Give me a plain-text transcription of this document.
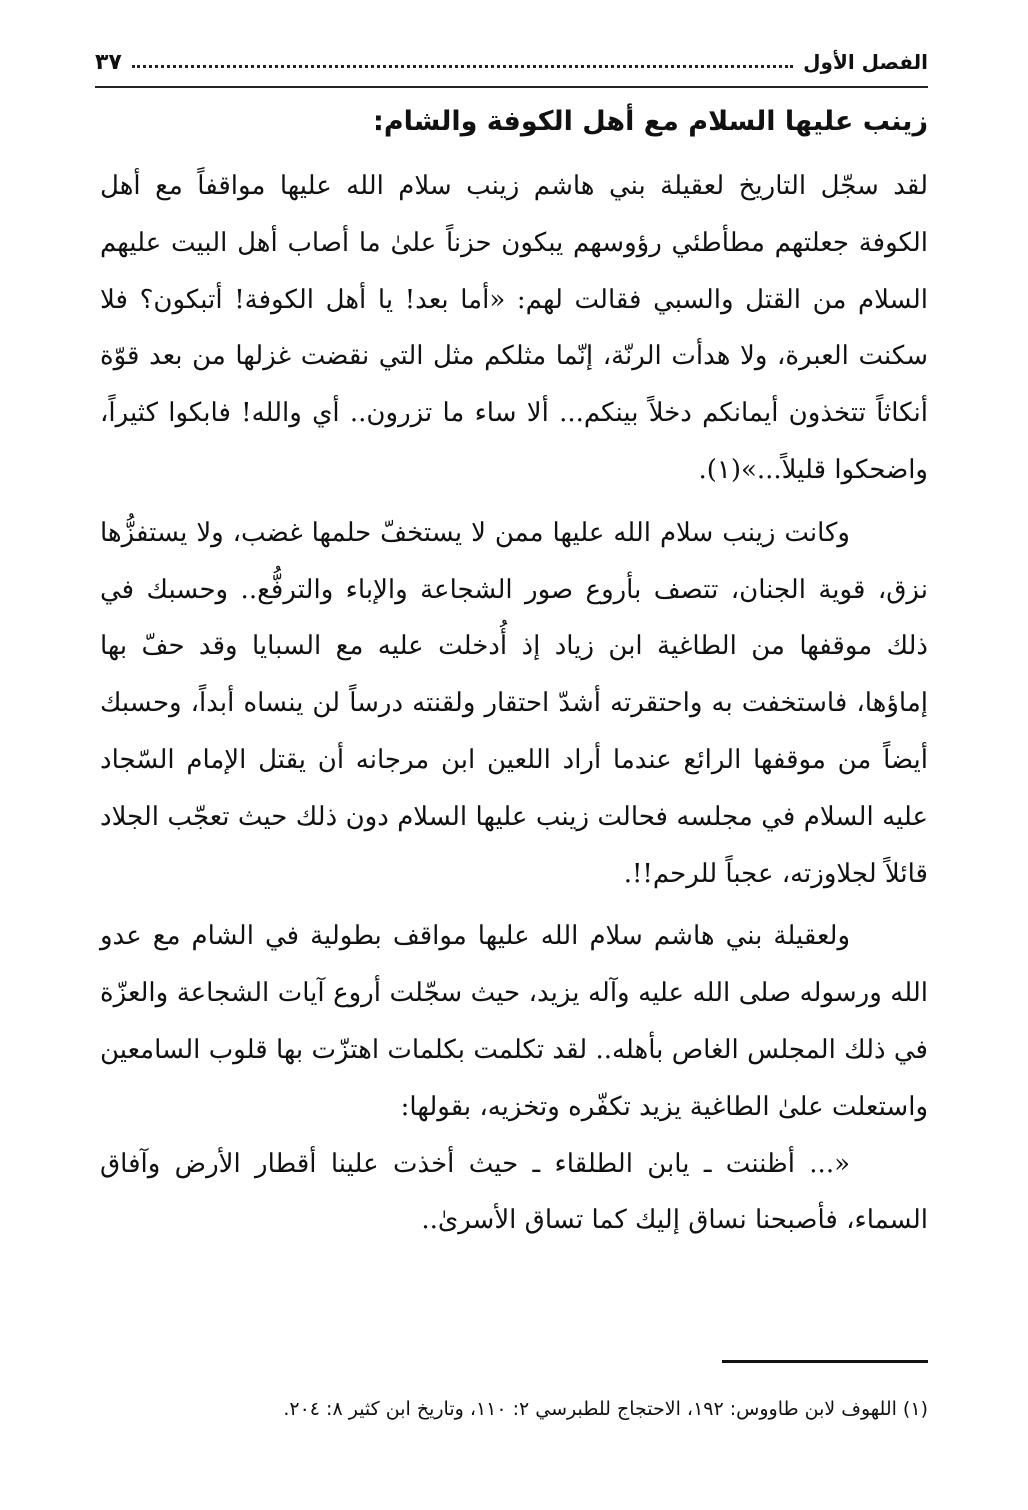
الفصل الأول
٣٧
زينب عليها السلام مع أهل الكوفة والشام:

لقد سجّل التاريخ لعقيلة بني هاشم زينب سلام الله عليها مواقفاً مع أهل الكوفة جعلتهم مطأطئي رؤوسهم يبكون حزناً علىٰ ما أصاب أهل البيت عليهم السلام من القتل والسبي فقالت لهم: «أما بعد! يا أهل الكوفة! أتبكون؟ فلا سكنت العبرة، ولا هدأت الرنّة، إنّما مثلكم مثل التي نقضت غزلها من بعد قوّة أنكاثاً تتخذون أيمانكم دخلاً بينكم... ألا ساء ما تزرون.. أي والله! فابكوا كثيراً، واضحكوا قليلاً...»(١).

وكانت زينب سلام الله عليها ممن لا يستخفّ حلمها غضب، ولا يستفزُّها نزق، قوية الجنان، تتصف بأروع صور الشجاعة والإباء والترفُّع.. وحسبك في ذلك موقفها من الطاغية ابن زياد إذ أُدخلت عليه مع السبايا وقد حفّ بها إماؤها، فاستخفت به واحتقرته أشدّ احتقار ولقنته درساً لن ينساه أبداً، وحسبك أيضاً من موقفها الرائع عندما أراد اللعين ابن مرجانه أن يقتل الإمام السّجاد عليه السلام في مجلسه فحالت زينب عليها السلام دون ذلك حيث تعجّب الجلاد قائلاً لجلاوزته، عجباً للرحم!!.

ولعقيلة بني هاشم سلام الله عليها مواقف بطولية في الشام مع عدو الله ورسوله صلى الله عليه وآله يزيد، حيث سجّلت أروع آيات الشجاعة والعزّة في ذلك المجلس الغاص بأهله.. لقد تكلمت بكلمات اهتزّت بها قلوب السامعين واستعلت علىٰ الطاغية يزيد تكفّره وتخزيه، بقولها:

«... أظننت ـ يابن الطلقاء ـ حيث أخذت علينا أقطار الأرض وآفاق السماء، فأصبحنا نساق إليك كما تساق الأسرىٰ..

(١) اللهوف لابن طاووس: ١٩٢، الاحتجاج للطبرسي ٢: ١١٠، وتاريخ ابن كثير ٨: ٢٠٤.
